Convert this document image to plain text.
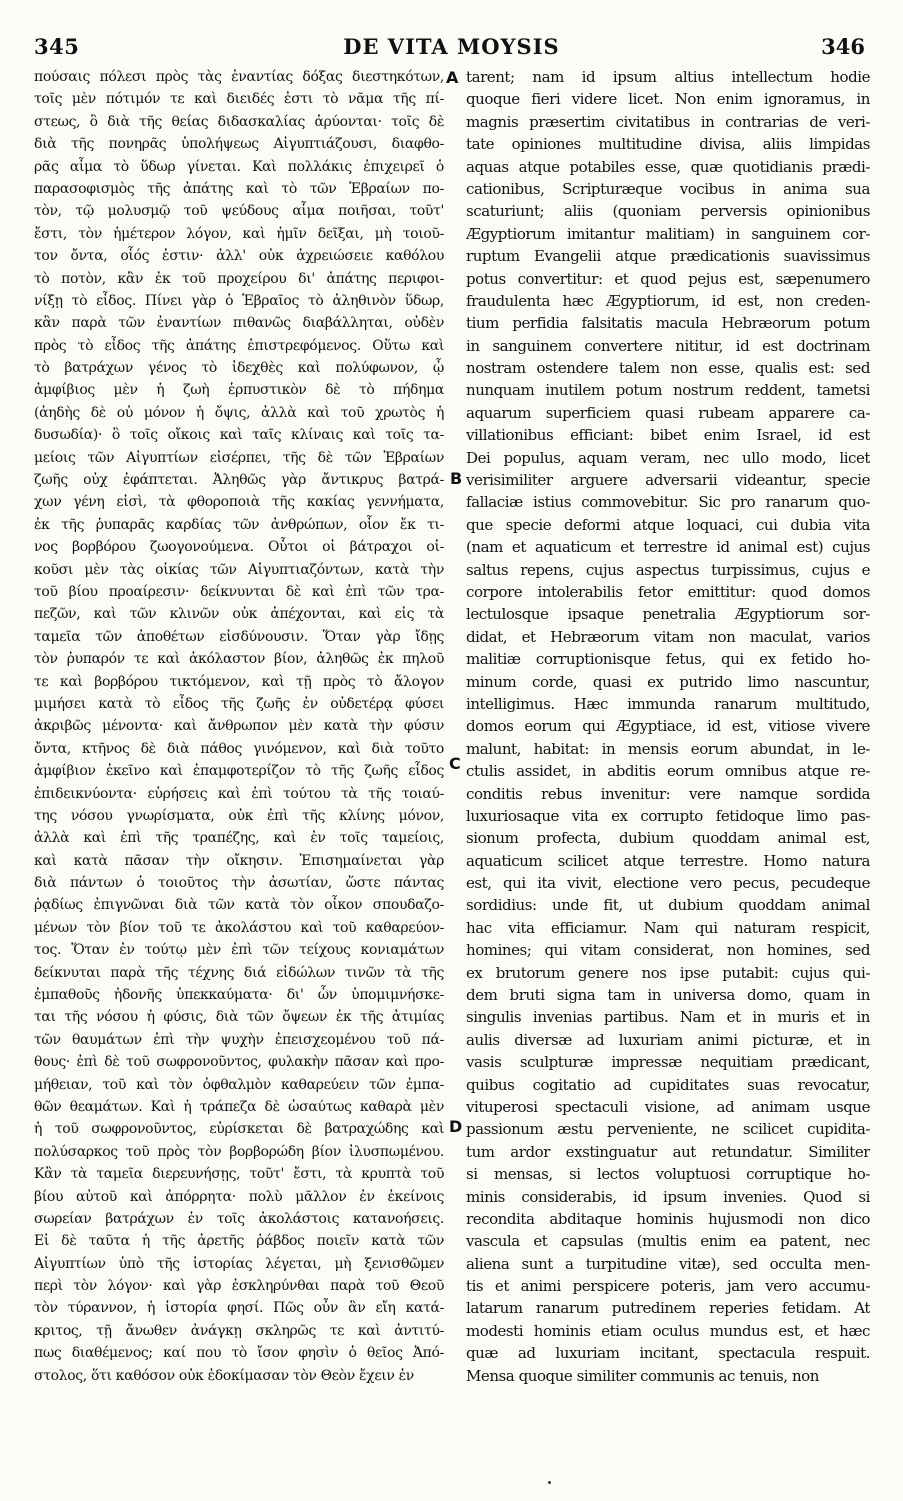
345	DE VITA MOYSIS	346
πούσαις πόλεσι πρὸς τὰς ἐναντίας δόξας διεστηκότων,
τοῖς μὲν πότιμόν τε καὶ διειδές ἐστι τὸ νᾶμα τῆς πί-
στεως, ὃ διὰ τῆς θείας διδασκαλίας ἀρύονται· τοῖς δὲ
διὰ τῆς πονηρᾶς ὑπολήψεως Αἰγυπτιάζουσι, διαφθο-
ρᾶς αἷμα τὸ ὕδωρ γίνεται. Καὶ πολλάκις ἐπιχειρεῖ ὁ
παρασοφισμὸς τῆς ἀπάτης καὶ τὸ τῶν Ἑβραίων πο-
τὸν, τῷ μολυσμῷ τοῦ ψεύδους αἷμα ποιῆσαι, τοῦτ'
ἔστι, τὸν ἡμέτερον λόγον, καὶ ἡμῖν δεῖξαι, μὴ τοιοῦ-
τον ὄντα, οἷός ἐστιν· ἀλλ' οὐκ ἀχρειώσειε καθόλου
τὸ ποτὸν, κἂν ἐκ τοῦ προχείρου δι' ἀπάτης περιφοι-
νίξῃ τὸ εἶδος. Πίνει γὰρ ὁ Ἑβραῖος τὸ ἀληθινὸν ὕδωρ,
κἂν παρὰ τῶν ἐναντίων πιθανῶς διαβάλληται, οὐδὲν
πρὸς τὸ εἶδος τῆς ἀπάτης ἐπιστρεφόμενος. Οὕτω καὶ
τὸ βατράχων γένος τὸ ἰδεχθὲς καὶ πολύφωνον, ᾧ
ἀμφίβιος μὲν ἡ ζωὴ ἑρπυστικὸν δὲ τὸ πήδημα
(ἀηδὴς δὲ οὐ μόνον ἡ ὄψις, ἀλλὰ καὶ τοῦ χρωτὸς ἡ
δυσωδία)· ὃ τοῖς οἴκοις καὶ ταῖς κλίναις καὶ τοῖς τα-
μείοις τῶν Αἰγυπτίων εἰσέρπει, τῆς δὲ τῶν Ἑβραίων
ζωῆς οὐχ ἐφάπτεται. Ἀληθῶς γὰρ ἄντικρυς βατρά-
χων γένη εἰσὶ, τὰ φθοροποιὰ τῆς κακίας γεννήματα,
ἐκ τῆς ῥυπαρᾶς καρδίας τῶν ἀνθρώπων, οἷον ἔκ τι-
νος βορβόρου ζωογονούμενα. Οὗτοι οἱ βάτραχοι οἰ-
κοῦσι μὲν τὰς οἰκίας τῶν Αἰγυπτιαζόντων, κατὰ τὴν
τοῦ βίου προαίρεσιν· δείκνυνται δὲ καὶ ἐπὶ τῶν τρα-
πεζῶν, καὶ τῶν κλινῶν οὐκ ἀπέχονται, καὶ εἰς τὰ
ταμεῖα τῶν ἀποθέτων εἰσδύνουσιν. Ὅταν γὰρ ἴδῃς
τὸν ῥυπαρόν τε καὶ ἀκόλαστον βίον, ἀληθῶς ἐκ πηλοῦ
τε καὶ βορβόρου τικτόμενον, καὶ τῇ πρὸς τὸ ἄλογον
μιμήσει κατὰ τὸ εἶδος τῆς ζωῆς ἐν οὐδετέρᾳ φύσει
ἀκριβῶς μένοντα· καὶ ἄνθρωπον μὲν κατὰ τὴν φύσιν
ὄντα, κτῆνος δὲ διὰ πάθος γινόμενον, καὶ διὰ τοῦτο
ἀμφίβιον ἐκεῖνο καὶ ἐπαμφοτερίζον τὸ τῆς ζωῆς εἶδος
ἐπιδεικνύοντα· εὑρήσεις καὶ ἐπὶ τούτου τὰ τῆς τοιαύ-
της νόσου γνωρίσματα, οὐκ ἐπὶ τῆς κλίνης μόνον,
ἀλλὰ καὶ ἐπὶ τῆς τραπέζης, καὶ ἐν τοῖς ταμείοις,
καὶ κατὰ πᾶσαν τὴν οἴκησιν. Ἐπισημαίνεται γὰρ
διὰ πάντων ὁ τοιοῦτος τὴν ἀσωτίαν, ὥστε πάντας
ῥᾳδίως ἐπιγνῶναι διὰ τῶν κατὰ τὸν οἶκον σπουδαζο-
μένων τὸν βίον τοῦ τε ἀκολάστου καὶ τοῦ καθαρεύον-
τος. Ὅταν ἐν τούτῳ μὲν ἐπὶ τῶν τείχους κονιαμάτων
δείκνυται παρὰ τῆς τέχνης διά εἰδώλων τινῶν τὰ τῆς
ἐμπαθοῦς ἡδονῆς ὑπεκκαύματα· δι' ὧν ὑπομιμνήσκε-
ται τῆς νόσου ἡ φύσις, διὰ τῶν ὄψεων ἐκ τῆς ἀτιμίας
τῶν θαυμάτων ἐπὶ τὴν ψυχὴν ἐπεισχεομένου τοῦ πά-
θους· ἐπὶ δὲ τοῦ σωφρονοῦντος, φυλακὴν πᾶσαν καὶ προ-
μήθειαν, τοῦ καὶ τὸν ὀφθαλμὸν καθαρεύειν τῶν ἐμπα-
θῶν θεαμάτων. Καὶ ἡ τράπεζα δὲ ὡσαύτως καθαρὰ μὲν
ἡ τοῦ σωφρονοῦντος, εὑρίσκεται δὲ βατραχώδης καὶ
πολύσαρκος τοῦ πρὸς τὸν βορβορώδη βίον ἰλυσπωμένου.
Κἂν τὰ ταμεῖα διερευνήσῃς, τοῦτ' ἔστι, τὰ κρυπτὰ τοῦ
βίου αὐτοῦ καὶ ἀπόρρητα· πολὺ μᾶλλον ἐν ἐκείνοις
σωρείαν βατράχων ἐν τοῖς ἀκολάστοις κατανοήσεις.
Εἰ δὲ ταῦτα ἡ τῆς ἀρετῆς ῥάβδος ποιεῖν κατὰ τῶν
Αἰγυπτίων ὑπὸ τῆς ἱστορίας λέγεται, μὴ ξενισθῶμεν
περὶ τὸν λόγον· καὶ γὰρ ἐσκληρύνθαι παρὰ τοῦ Θεοῦ
τὸν τύραννον, ἡ ἱστορία φησί. Πῶς οὖν ἂν εἴη κατά-
κριτος, τῇ ἄνωθεν ἀνάγκῃ σκληρῶς τε καὶ ἀντιτύ-
πως διαθέμενος; καί που τὸ ἴσον φησὶν ὁ θεῖος Ἀπό-
στολος, ὅτι καθόσον οὐκ ἐδοκίμασαν τὸν Θεὸν ἔχειν ἐν
tarent; nam id ipsum altius intellectum hodie
quoque fieri videre licet. Non enim ignoramus, in
magnis præsertim civitatibus in contrarias de veri-
tate opiniones multitudine divisa, aliis limpidas
aquas atque potabiles esse, quæ quotidianis prædi-
cationibus, Scripturæque vocibus in anima sua
scaturiunt; aliis (quoniam perversis opinionibus
Ægyptiorum imitantur malitiam) in sanguinem cor-
ruptum Evangelii atque prædicationis suavissimus
potus convertitur: et quod pejus est, sæpenumero
fraudulenta hæc Ægyptiorum, id est, non creden-
tium perfidia falsitatis macula Hebræorum potum
in sanguinem convertere nititur, id est doctrinam
nostram ostendere talem non esse, qualis est: sed
nunquam inutilem potum nostrum reddent, tametsi
aquarum superficiem quasi rubeam apparere ca-
villationibus efficiant: bibet enim Israel, id est
Dei populus, aquam veram, nec ullo modo, licet
verisimiliter arguere adversarii videantur, specie
fallaciæ istius commovebitur. Sic pro ranarum quo-
que specie deformi atque loquaci, cui dubia vita
(nam et aquaticum et terrestre id animal est) cujus
saltus repens, cujus aspectus turpissimus, cujus e
corpore intolerabilis fetor emittitur: quod domos
lectulosque ipsaque penetralia Ægyptiorum sor-
didat, et Hebræorum vitam non maculat, varios
malitiæ corruptionisque fetus, qui ex fetido ho-
minum corde, quasi ex putrido limo nascuntur,
intelligimus. Hæc immunda ranarum multitudo,
domos eorum qui Ægyptiace, id est, vitiose vivere
malunt, habitat: in mensis eorum abundat, in le-
ctulis assidet, in abditis eorum omnibus atque re-
conditis rebus invenitur: vere namque sordida
luxuriosaque vita ex corrupto fetidoque limo pas-
sionum profecta, dubium quoddam animal est,
aquaticum scilicet atque terrestre. Homo natura
est, qui ita vivit, electione vero pecus, pecudeque
sordidius: unde fit, ut dubium quoddam animal
hac vita efficiamur. Nam qui naturam respicit,
homines; qui vitam considerat, non homines, sed
ex brutorum genere nos ipse putabit: cujus qui-
dem bruti signa tam in universa domo, quam in
singulis invenias partibus. Nam et in muris et in
aulis diversæ ad luxuriam animi picturæ, et in
vasis sculpturæ impressæ nequitiam prædicant,
quibus cogitatio ad cupiditates suas revocatur,
vituperosi spectaculi visione, ad animam usque
passionum æstu perveniente, ne scilicet cupidita-
tum ardor exstinguatur aut retundatur. Similiter
si mensas, si lectos voluptuosi corruptique ho-
minis considerabis, id ipsum invenies. Quod si
recondita abditaque hominis hujusmodi non dico
vascula et capsulas (multis enim ea patent, nec
aliena sunt a turpitudine vitæ), sed occulta men-
tis et animi perspicere poteris, jam vero accumu-
latarum ranarum putredinem reperies fetidam. At
modesti hominis etiam oculus mundus est, et hæc
quæ ad luxuriam incitant, spectacula respuit.
Mensa quoque similiter communis ac tenuis, non
A
B
C
D
